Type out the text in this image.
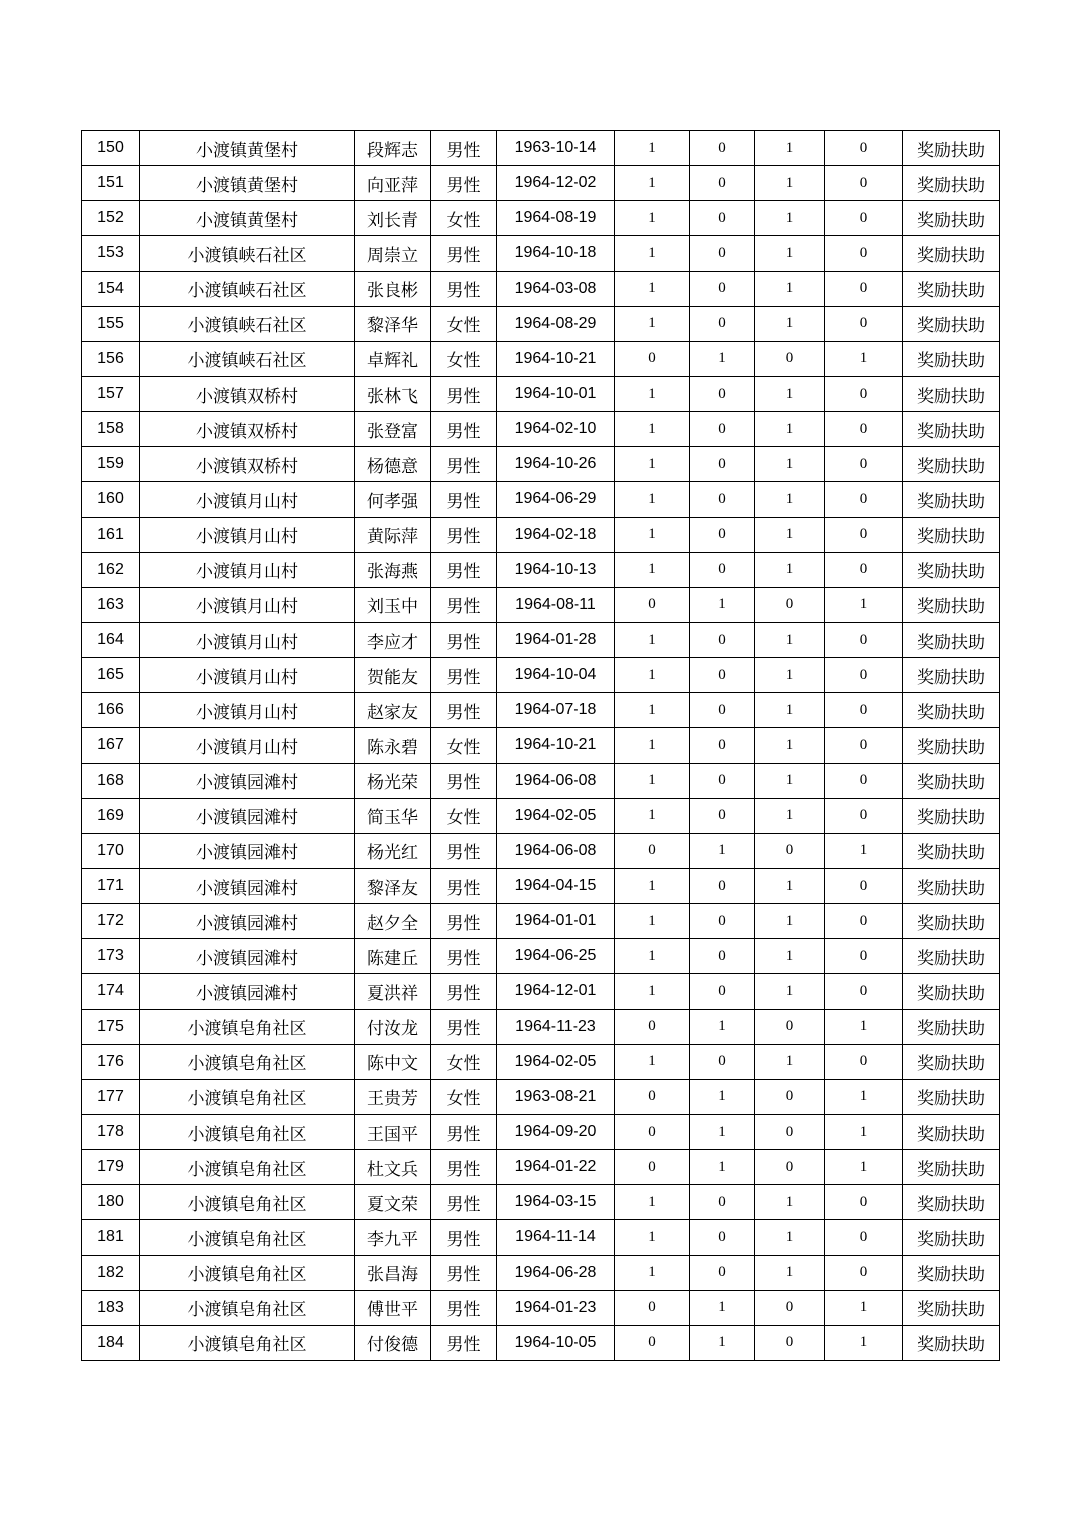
150	小渡镇黄堡村	段辉志	男性	1963-10-14	1	0	1	0	奖励扶助
151	小渡镇黄堡村	向亚萍	男性	1964-12-02	1	0	1	0	奖励扶助
152	小渡镇黄堡村	刘长青	女性	1964-08-19	1	0	1	0	奖励扶助
153	小渡镇峡石社区	周崇立	男性	1964-10-18	1	0	1	0	奖励扶助
154	小渡镇峡石社区	张良彬	男性	1964-03-08	1	0	1	0	奖励扶助
155	小渡镇峡石社区	黎泽华	女性	1964-08-29	1	0	1	0	奖励扶助
156	小渡镇峡石社区	卓辉礼	女性	1964-10-21	0	1	0	1	奖励扶助
157	小渡镇双桥村	张林飞	男性	1964-10-01	1	0	1	0	奖励扶助
158	小渡镇双桥村	张登富	男性	1964-02-10	1	0	1	0	奖励扶助
159	小渡镇双桥村	杨德意	男性	1964-10-26	1	0	1	0	奖励扶助
160	小渡镇月山村	何孝强	男性	1964-06-29	1	0	1	0	奖励扶助
161	小渡镇月山村	黄际萍	男性	1964-02-18	1	0	1	0	奖励扶助
162	小渡镇月山村	张海燕	男性	1964-10-13	1	0	1	0	奖励扶助
163	小渡镇月山村	刘玉中	男性	1964-08-11	0	1	0	1	奖励扶助
164	小渡镇月山村	李应才	男性	1964-01-28	1	0	1	0	奖励扶助
165	小渡镇月山村	贺能友	男性	1964-10-04	1	0	1	0	奖励扶助
166	小渡镇月山村	赵家友	男性	1964-07-18	1	0	1	0	奖励扶助
167	小渡镇月山村	陈永碧	女性	1964-10-21	1	0	1	0	奖励扶助
168	小渡镇园滩村	杨光荣	男性	1964-06-08	1	0	1	0	奖励扶助
169	小渡镇园滩村	简玉华	女性	1964-02-05	1	0	1	0	奖励扶助
170	小渡镇园滩村	杨光红	男性	1964-06-08	0	1	0	1	奖励扶助
171	小渡镇园滩村	黎泽友	男性	1964-04-15	1	0	1	0	奖励扶助
172	小渡镇园滩村	赵夕全	男性	1964-01-01	1	0	1	0	奖励扶助
173	小渡镇园滩村	陈建丘	男性	1964-06-25	1	0	1	0	奖励扶助
174	小渡镇园滩村	夏洪祥	男性	1964-12-01	1	0	1	0	奖励扶助
175	小渡镇皂角社区	付汝龙	男性	1964-11-23	0	1	0	1	奖励扶助
176	小渡镇皂角社区	陈中文	女性	1964-02-05	1	0	1	0	奖励扶助
177	小渡镇皂角社区	王贵芳	女性	1963-08-21	0	1	0	1	奖励扶助
178	小渡镇皂角社区	王国平	男性	1964-09-20	0	1	0	1	奖励扶助
179	小渡镇皂角社区	杜文兵	男性	1964-01-22	0	1	0	1	奖励扶助
180	小渡镇皂角社区	夏文荣	男性	1964-03-15	1	0	1	0	奖励扶助
181	小渡镇皂角社区	李九平	男性	1964-11-14	1	0	1	0	奖励扶助
182	小渡镇皂角社区	张昌海	男性	1964-06-28	1	0	1	0	奖励扶助
183	小渡镇皂角社区	傅世平	男性	1964-01-23	0	1	0	1	奖励扶助
184	小渡镇皂角社区	付俊德	男性	1964-10-05	0	1	0	1	奖励扶助
